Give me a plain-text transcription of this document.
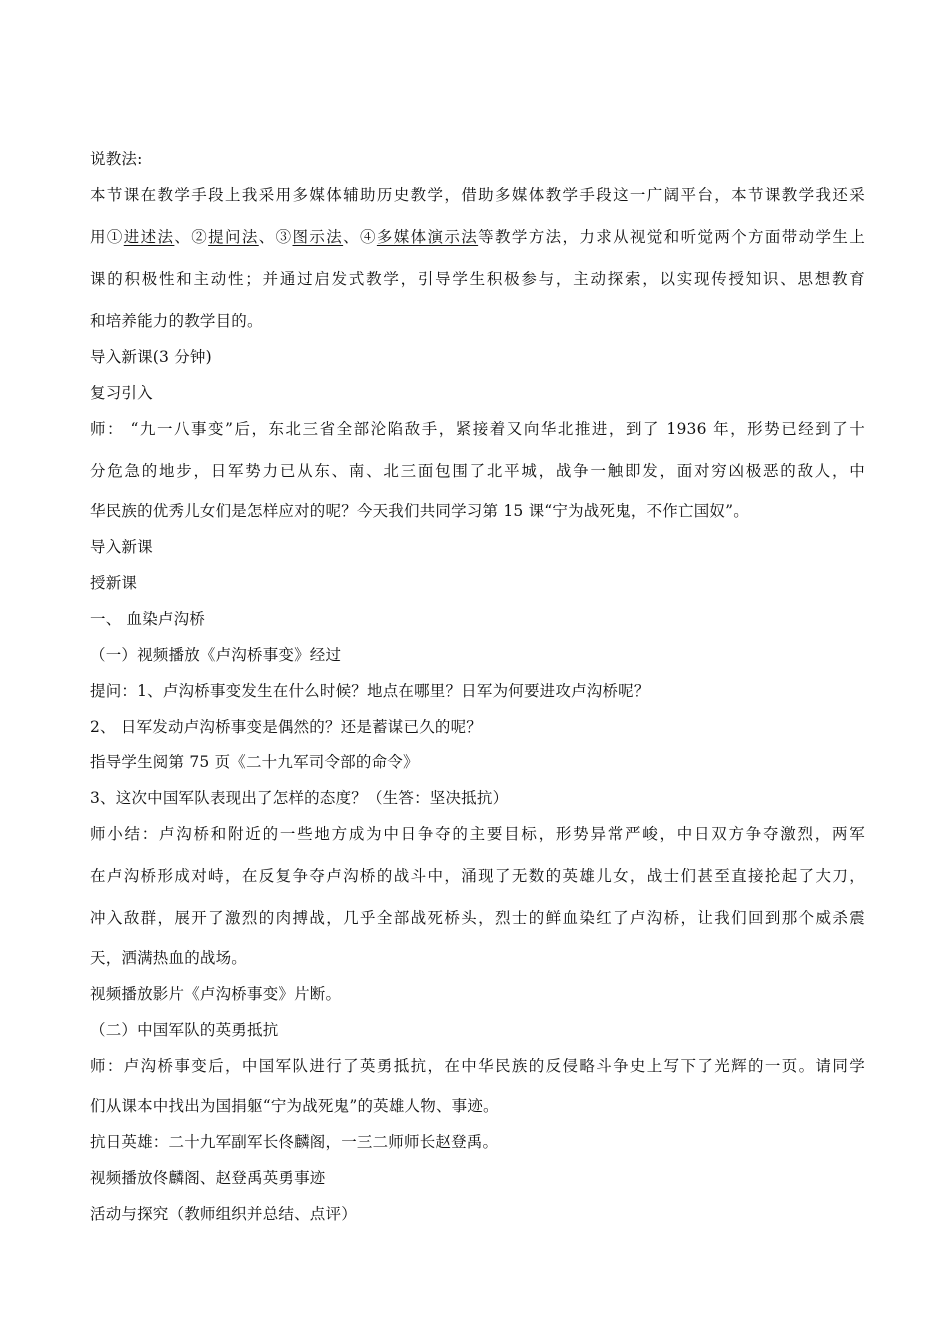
说教法:
本节课在教学手段上我采用多媒体辅助历史教学，借助多媒体教学手段这一广阔平台，本节课教学我还采
用①进述法、②提问法、③图示法、④多媒体演示法等教学方法，力求从视觉和听觉两个方面带动学生上
课的积极性和主动性；并通过启发式教学，引导学生积极参与，主动探索，以实现传授知识、思想教育
和培养能力的教学目的。
导入新课(3 分钟)
复习引入
师： “九一八事变”后，东北三省全部沦陷敌手，紧接着又向华北推进，到了 1936 年，形势已经到了十
分危急的地步，日军势力已从东、南、北三面包围了北平城，战争一触即发，面对穷凶极恶的敌人，中
华民族的优秀儿女们是怎样应对的呢？今天我们共同学习第 15 课“宁为战死鬼，不作亡国奴”。
导入新课
授新课
一、 血染卢沟桥
（一）视频播放《卢沟桥事变》经过
提问：1、卢沟桥事变发生在什么时候？地点在哪里？日军为何要进攻卢沟桥呢？
2、 日军发动卢沟桥事变是偶然的？还是蓄谋已久的呢？
指导学生阅第 75 页《二十九军司令部的命令》
3、这次中国军队表现出了怎样的态度？（生答：坚决抵抗）
师小结：卢沟桥和附近的一些地方成为中日争夺的主要目标，形势异常严峻，中日双方争夺激烈，两军
在卢沟桥形成对峙，在反复争夺卢沟桥的战斗中，涌现了无数的英雄儿女，战士们甚至直接抡起了大刀，
冲入敌群，展开了激烈的肉搏战，几乎全部战死桥头，烈士的鲜血染红了卢沟桥，让我们回到那个威杀震
天，洒满热血的战场。
视频播放影片《卢沟桥事变》片断。
（二）中国军队的英勇抵抗
师：卢沟桥事变后，中国军队进行了英勇抵抗，在中华民族的反侵略斗争史上写下了光辉的一页。请同学
们从课本中找出为国捐躯“宁为战死鬼”的英雄人物、事迹。
抗日英雄：二十九军副军长佟麟阁，一三二师师长赵登禹。
视频播放佟麟阁、赵登禹英勇事迹
活动与探究（教师组织并总结、点评）
